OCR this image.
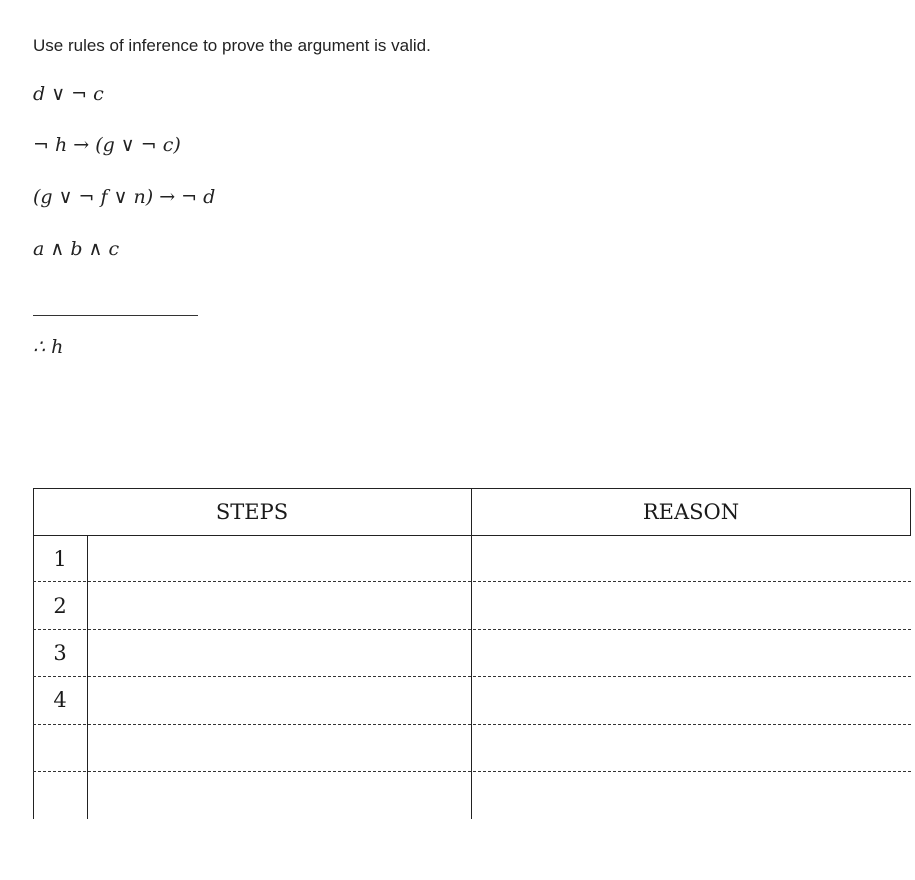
Use rules of inference to prove the argument is valid.
d ∨ ¬ c
¬ h → (g ∨ ¬ c)
(g ∨ ¬ f ∨ n) → ¬ d
a ∧ b ∧ c
∴ h
STEPS	REASON
1
2
3
4
